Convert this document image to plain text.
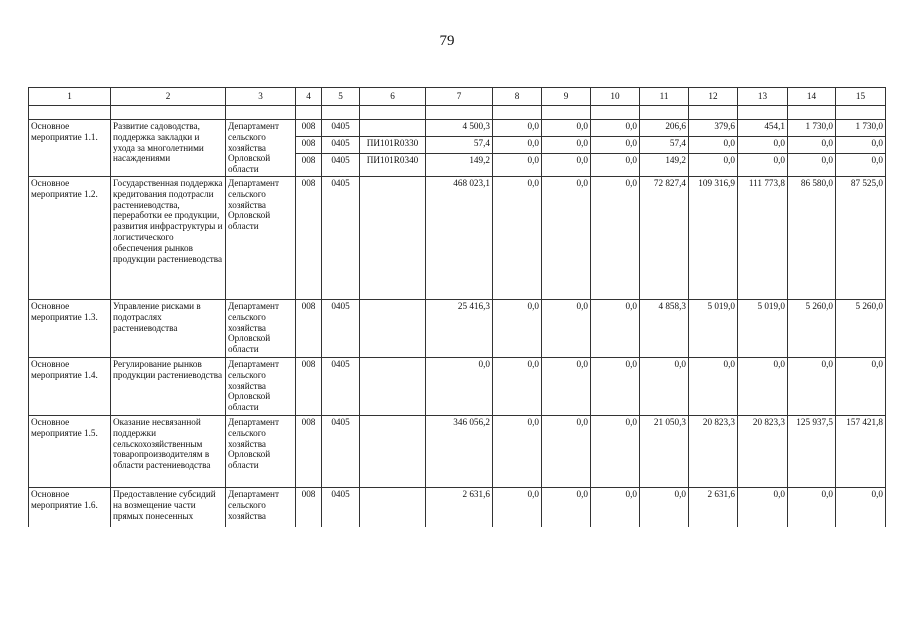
79
1	2	3	4	5	6	7	8	9	10	11	12	13	14	15

Основное мероприятие 1.1.	Развитие садоводства, поддержка закладки и ухода за многолетними насаждениями	Департамент сельского хозяйства Орловской области	008	0405		4 500,3	0,0	0,0	0,0	206,6	379,6	454,1	1 730,0	1 730,0
			008	0405	ПИ101R0330	57,4	0,0	0,0	0,0	57,4	0,0	0,0	0,0	0,0
			008	0405	ПИ101R0340	149,2	0,0	0,0	0,0	149,2	0,0	0,0	0,0	0,0
Основное мероприятие 1.2.	Государственная поддержка кредитования подотрасли растениеводства, переработки ее продукции, развития инфраструктуры и логистического обеспечения рынков продукции растениеводства	Департамент сельского хозяйства Орловской области	008	0405		468 023,1	0,0	0,0	0,0	72 827,4	109 316,9	111 773,8	86 580,0	87 525,0
Основное мероприятие 1.3.	Управление рисками в подотраслях растениеводства	Департамент сельского хозяйства Орловской области	008	0405		25 416,3	0,0	0,0	0,0	4 858,3	5 019,0	5 019,0	5 260,0	5 260,0
Основное мероприятие 1.4.	Регулирование рынков продукции растениеводства	Департамент сельского хозяйства Орловской области	008	0405		0,0	0,0	0,0	0,0	0,0	0,0	0,0	0,0	0,0
Основное мероприятие 1.5.	Оказание несвязанной поддержки сельскохозяйственным товаропроизводителям в области растениеводства	Департамент сельского хозяйства Орловской области	008	0405		346 056,2	0,0	0,0	0,0	21 050,3	20 823,3	20 823,3	125 937,5	157 421,8
Основное мероприятие 1.6.	Предоставление субсидий на возмещение части прямых понесенных	Департамент сельского хозяйства	008	0405		2 631,6	0,0	0,0	0,0	0,0	2 631,6	0,0	0,0	0,0
